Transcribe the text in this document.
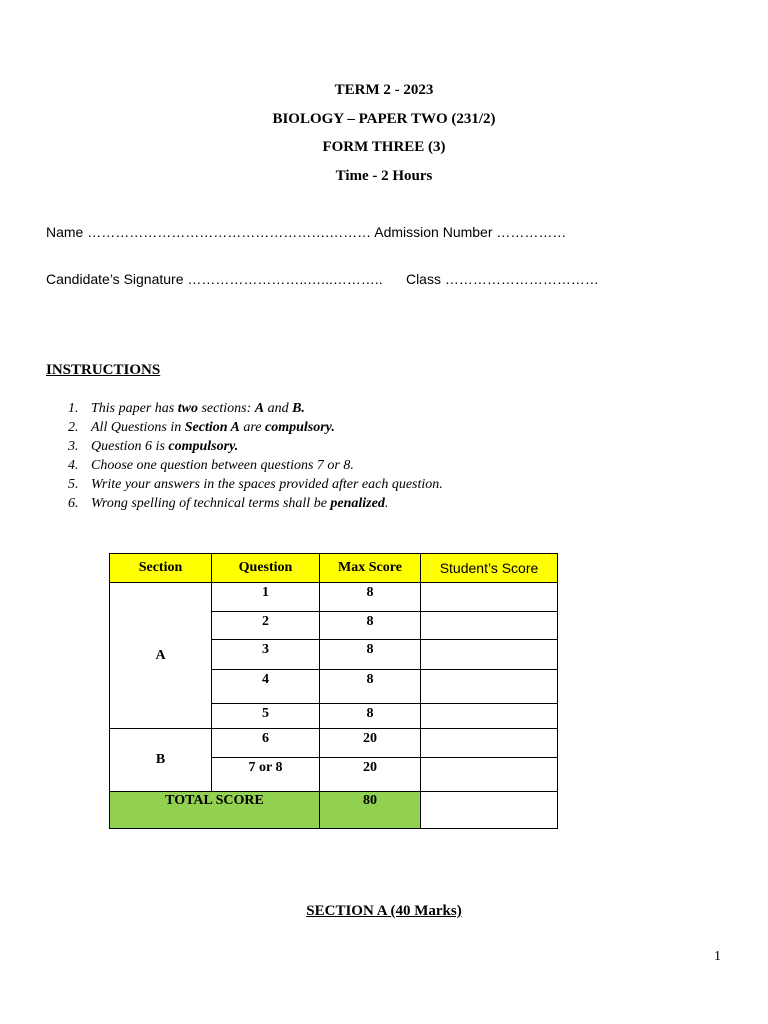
TERM 2 - 2023
BIOLOGY – PAPER TWO (231/2)
FORM THREE (3)
Time - 2 Hours
Name …………………………………………….……… Admission Number ……………
Candidate’s Signature ……………………..…...………..      Class ……………………………
INSTRUCTIONS
1. This paper has two sections: A and B.
2. All Questions in Section A are compulsory.
3. Question 6 is compulsory.
4. Choose one question between questions 7 or 8.
5. Write your answers in the spaces provided after each question.
6. Wrong spelling of technical terms shall be penalized.
Section	Question	Max Score	Student’s Score
A	1	8	
	2	8	
	3	8	
	4	8	
	5	8	
B	6	20	
	7 or 8	20	
TOTAL SCORE		80	
SECTION A (40 Marks)
1
